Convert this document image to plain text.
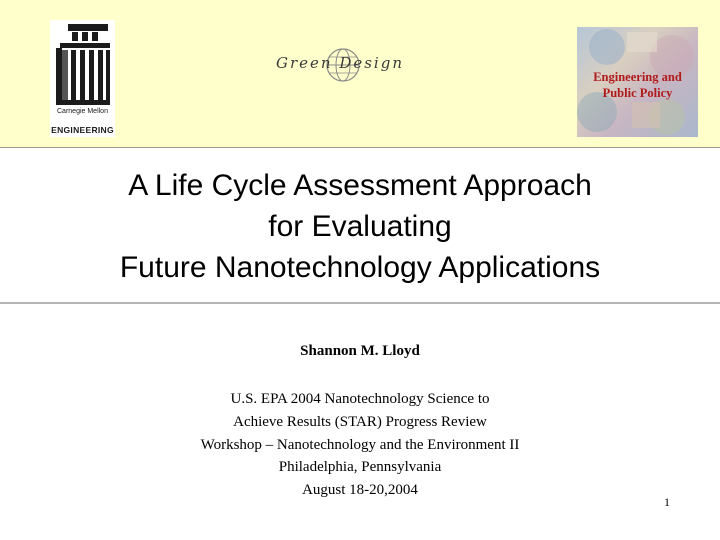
Carnegie Mellon
ENGINEERING
Green Design
Engineering and Public Policy
A Life Cycle Assessment Approach
for Evaluating
Future Nanotechnology Applications
Shannon M. Lloyd
U.S. EPA 2004 Nanotechnology Science to
Achieve Results (STAR) Progress Review
Workshop – Nanotechnology and the Environment II
Philadelphia, Pennsylvania
August 18-20,2004
1
